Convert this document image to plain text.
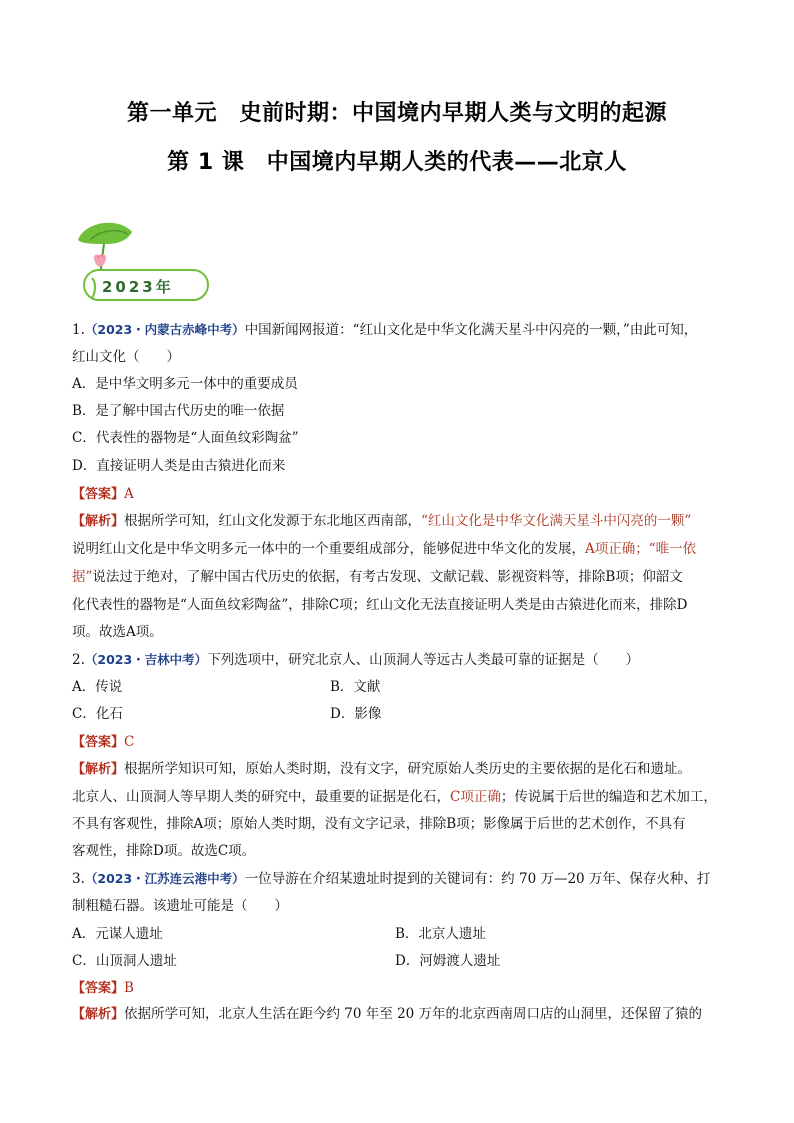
第一单元　史前时期：中国境内早期人类与文明的起源
第 1 课　中国境内早期人类的代表——北京人
2023年
1.（2023・内蒙古赤峰中考）中国新闻网报道：“红山文化是中华文化满天星斗中闪亮的一颗，”由此可知，
红山文化（　　）
A．是中华文明多元一体中的重要成员
B．是了解中国古代历史的唯一依据
C．代表性的器物是“人面鱼纹彩陶盆”
D．直接证明人类是由古猿进化而来
【答案】A
【解析】根据所学可知，红山文化发源于东北地区西南部，“红山文化是中华文化满天星斗中闪亮的一颗”
说明红山文化是中华文明多元一体中的一个重要组成部分，能够促进中华文化的发展，A项正确；“唯一依
据”说法过于绝对，了解中国古代历史的依据，有考古发现、文献记载、影视资料等，排除B项；仰韶文
化代表性的器物是“人面鱼纹彩陶盆”，排除C项；红山文化无法直接证明人类是由古猿进化而来，排除D
项。故选A项。
2.（2023・吉林中考）下列选项中，研究北京人、山顶洞人等远古人类最可靠的证据是（　　）
A．传说	B．文献
C．化石	D．影像
【答案】C
【解析】根据所学知识可知，原始人类时期，没有文字，研究原始人类历史的主要依据的是化石和遗址。
北京人、山顶洞人等早期人类的研究中，最重要的证据是化石，C项正确；传说属于后世的编造和艺术加工，
不具有客观性，排除A项；原始人类时期，没有文字记录，排除B项；影像属于后世的艺术创作，不具有
客观性，排除D项。故选C项。
3.（2023・江苏连云港中考）一位导游在介绍某遗址时提到的关键词有：约 70 万—20 万年、保存火种、打
制粗糙石器。该遗址可能是（　　）
A．元谋人遗址	B．北京人遗址
C．山顶洞人遗址	D．河姆渡人遗址
【答案】B
【解析】依据所学可知，北京人生活在距今约 70 年至 20 万年的北京西南周口店的山洞里，还保留了猿的
